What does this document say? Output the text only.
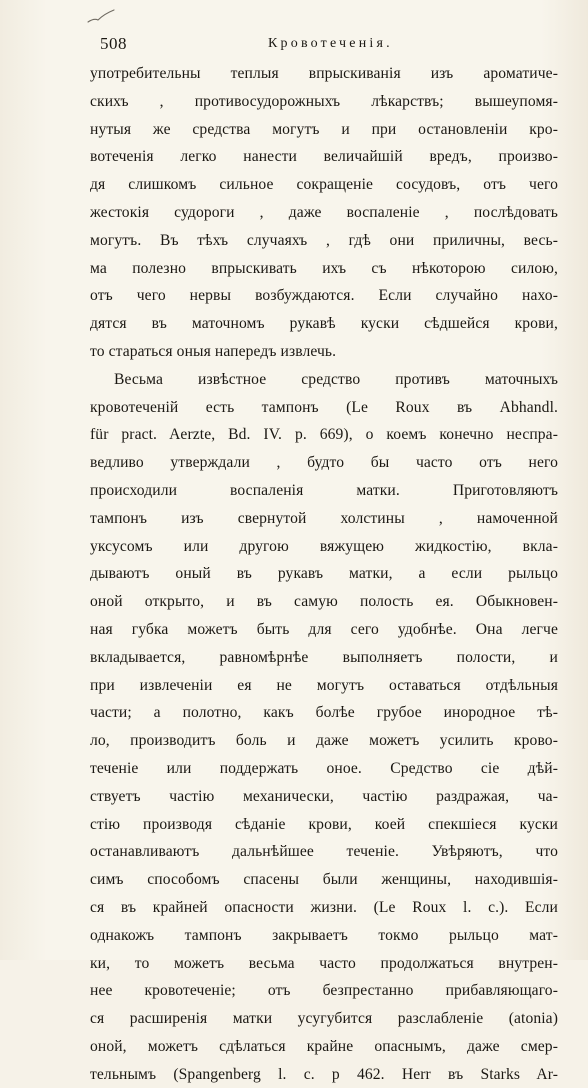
508	Кровотеченія.
употребительны теплыя впрыскиванія изъ ароматиче-
скихъ , противосудорожныхъ лѣкарствъ; вышеупомя-
нутыя же средства могутъ и при остановленіи кро-
вотеченія легко нанести величайшій вредъ, произво-
дя слишкомъ сильное сокращеніе сосудовъ, отъ чего
жестокія судороги , даже воспаленіе , послѣдовать
могутъ. Въ тѣхъ случаяхъ , гдѣ они приличны, весь-
ма полезно впрыскивать ихъ съ нѣкоторою силою,
отъ чего нервы возбуждаются. Если случайно нахо-
дятся въ маточномъ рукавѣ куски сѣдшейся крови,
то стараться оныя напередъ извлечь.
Весьма извѣстное средство противъ маточныхъ
кровотеченій есть тампонъ (Le Roux въ Abhandl.
für pract. Aerzte, Bd. IV. p. 669), о коемъ конечно неспра-
ведливо утверждали , будто бы часто отъ него
происходили воспаленія матки. Приготовляютъ
тампонъ изъ свернутой холстины , намоченной
уксусомъ или другою вяжущею жидкостію, вкла-
дываютъ оный въ рукавъ матки, а если рыльцо
оной открыто, и въ самую полость ея. Обыкновен-
ная губка можетъ быть для сего удобнѣе. Она легче
вкладывается, равномѣрнѣе выполняетъ полости, и
при извлеченіи ея не могутъ оставаться отдѣльныя
части; а полотно, какъ болѣе грубое инородное тѣ-
ло, производитъ боль и даже можетъ усилить крово-
теченіе или поддержать оное. Средство сіе дѣй-
ствуетъ частію механически, частію раздражая, ча-
стію производя сѣданіе крови, коей спекшіеся куски
останавливаютъ дальнѣйшее теченіе. Увѣряютъ, что
симъ способомъ спасены были женщины, находившія-
ся въ крайней опасности жизни. (Le Roux l. c.). Если
однакожъ тампонъ закрываетъ токмо рыльцо мат-
ки, то можетъ весьма часто продолжаться внутрен-
нее кровотеченіе; отъ безпрестанно прибавляющаго-
ся расширенія матки усугубится разслабленіе (atonia)
оной, можетъ сдѣлаться крайне опаснымъ, даже смер-
тельнымъ (Spangenberg l. c. p 462. Herr въ Starks Ar-
